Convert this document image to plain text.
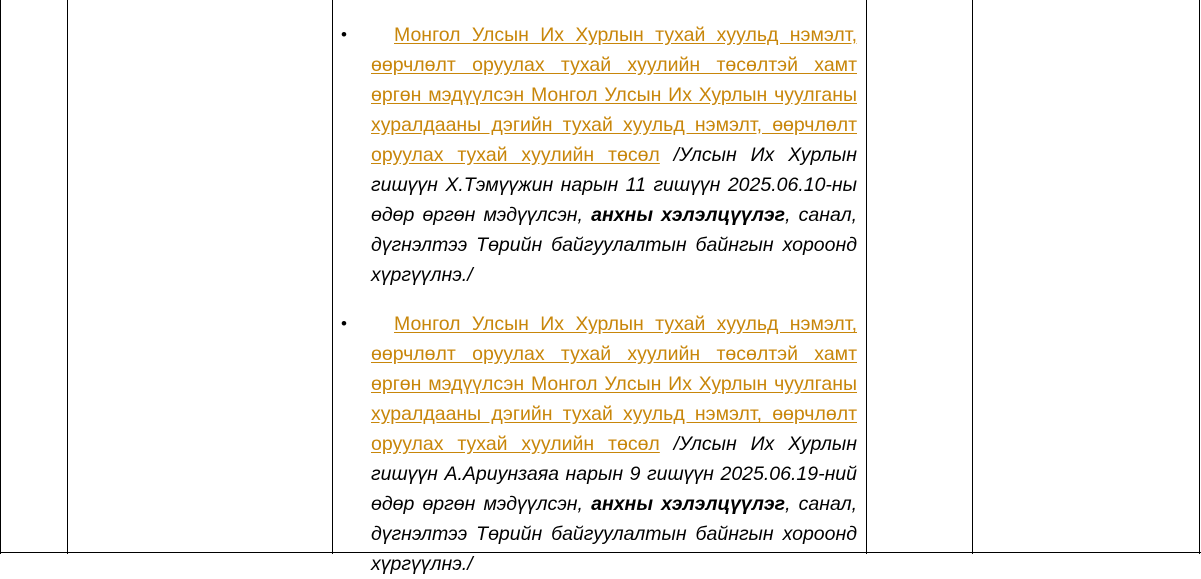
•	Монгол Улсын Их Хурлын тухай хуульд нэмэлт, өөрчлөлт оруулах тухай хуулийн төсөлтэй хамт өргөн мэдүүлсэн Монгол Улсын Их Хурлын чуулганы хуралдааны дэгийн тухай хуульд нэмэлт, өөрчлөлт оруулах тухай хуулийн төсөл /Улсын Их Хурлын гишүүн Х.Тэмүүжин нарын 11 гишүүн 2025.06.10-ны өдөр өргөн мэдүүлсэн, анхны хэлэлцүүлэг, санал, дүгнэлтээ Төрийн байгуулалтын байнгын хороонд хүргүүлнэ./

•	Монгол Улсын Их Хурлын тухай хуульд нэмэлт, өөрчлөлт оруулах тухай хуулийн төсөлтэй хамт өргөн мэдүүлсэн Монгол Улсын Их Хурлын чуулганы хуралдааны дэгийн тухай хуульд нэмэлт, өөрчлөлт оруулах тухай хуулийн төсөл /Улсын Их Хурлын гишүүн А.Ариунзаяа нарын 9 гишүүн 2025.06.19-ний өдөр өргөн мэдүүлсэн, анхны хэлэлцүүлэг, санал, дүгнэлтээ Төрийн байгуулалтын байнгын хороонд хүргүүлнэ./
